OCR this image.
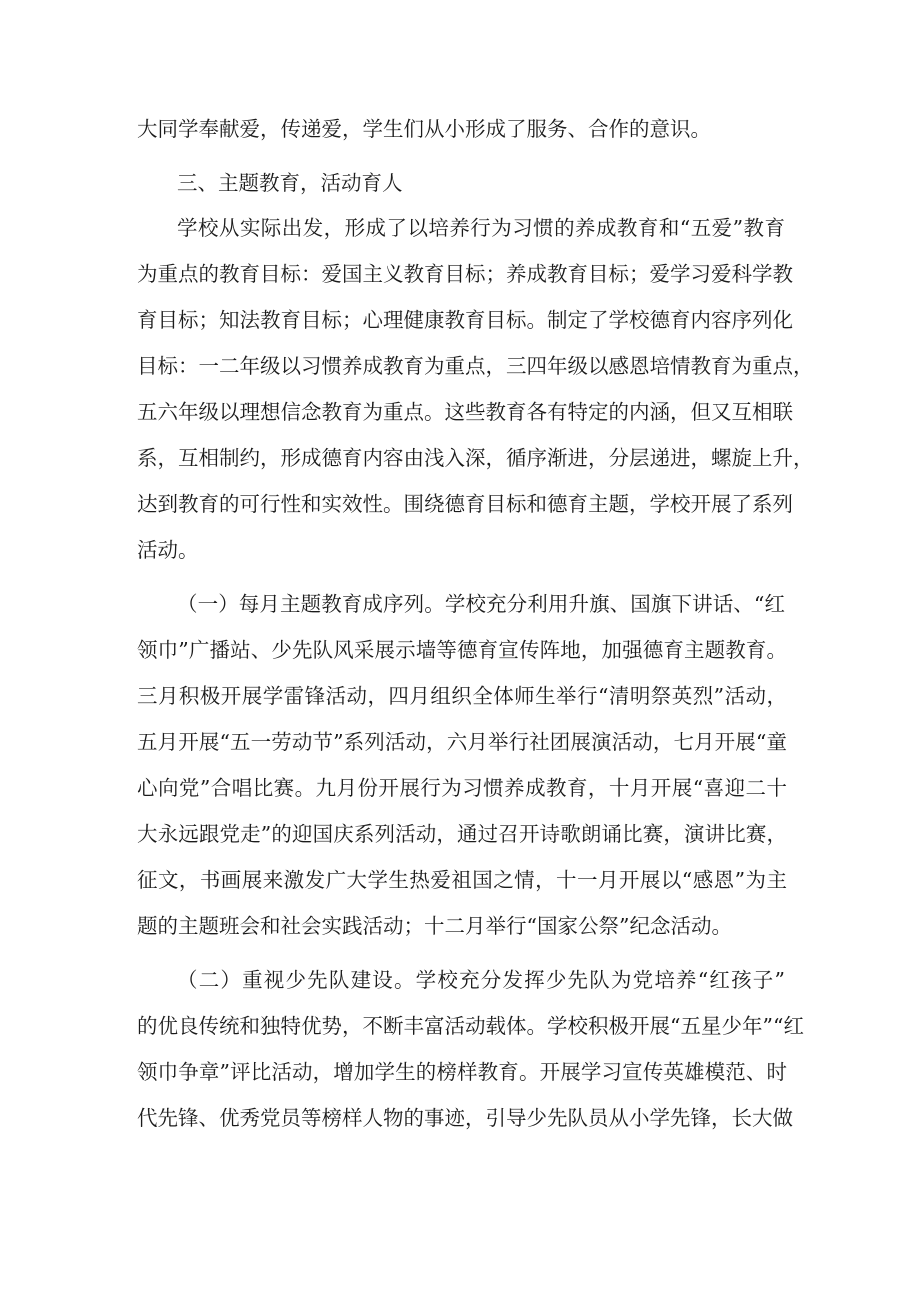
大同学奉献爱，传递爱，学生们从小形成了服务、合作的意识。

三、主题教育，活动育人

学校从实际出发，形成了以培养行为习惯的养成教育和“五爱”教育

为重点的教育目标：爱国主义教育目标；养成教育目标；爱学习爱科学教

育目标；知法教育目标；心理健康教育目标。制定了学校德育内容序列化

目标：一二年级以习惯养成教育为重点，三四年级以感恩培情教育为重点，

五六年级以理想信念教育为重点。这些教育各有特定的内涵，但又互相联

系，互相制约，形成德育内容由浅入深，循序渐进，分层递进，螺旋上升，

达到教育的可行性和实效性。围绕德育目标和德育主题，学校开展了系列

活动。

（一）每月主题教育成序列。学校充分利用升旗、国旗下讲话、“红

领巾”广播站、少先队风采展示墙等德育宣传阵地，加强德育主题教育。

三月积极开展学雷锋活动，四月组织全体师生举行“清明祭英烈”活动，

五月开展“五一劳动节”系列活动，六月举行社团展演活动，七月开展“童

心向党”合唱比赛。九月份开展行为习惯养成教育，十月开展“喜迎二十

大永远跟党走”的迎国庆系列活动，通过召开诗歌朗诵比赛，演讲比赛，

征文，书画展来激发广大学生热爱祖国之情，十一月开展以“感恩”为主

题的主题班会和社会实践活动；十二月举行“国家公祭”纪念活动。

（二）重视少先队建设。学校充分发挥少先队为党培养“红孩子”

的优良传统和独特优势，不断丰富活动载体。学校积极开展“五星少年”“红

领巾争章”评比活动，增加学生的榜样教育。开展学习宣传英雄模范、时

代先锋、优秀党员等榜样人物的事迹，引导少先队员从小学先锋，长大做
